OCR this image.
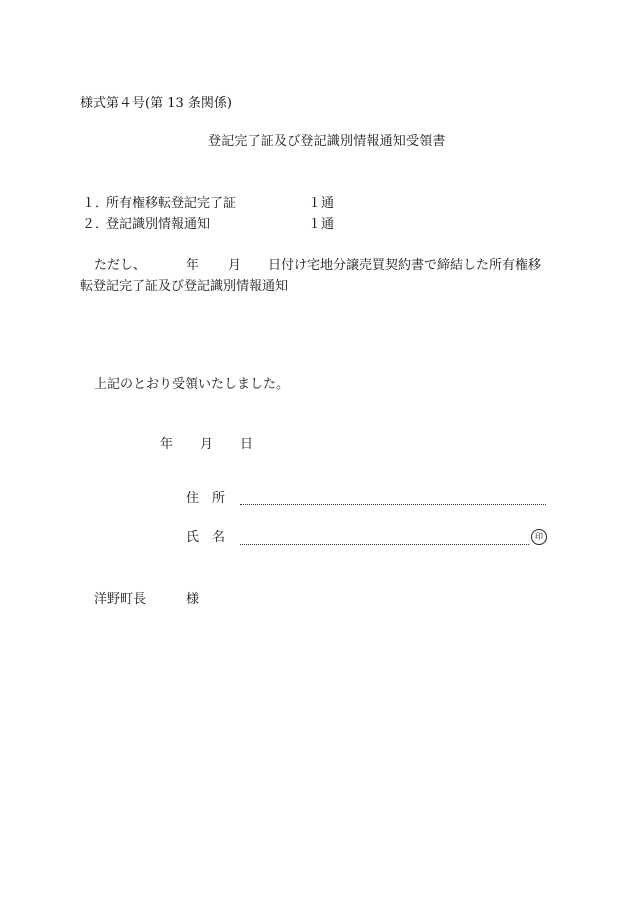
様式第４号(第 13 条関係)
登記完了証及び登記識別情報通知受領書
１．
所有権移転登記完了証	１通
２．
登記識別情報通知	１通
ただし、	年 月 日付け宅地分譲売買契約書で締結した所有権移
転登記完了証及び登記識別情報通知
上記のとおり受領いたしました。
年 月 日
住　所
氏　名	印
洋野町長	様
